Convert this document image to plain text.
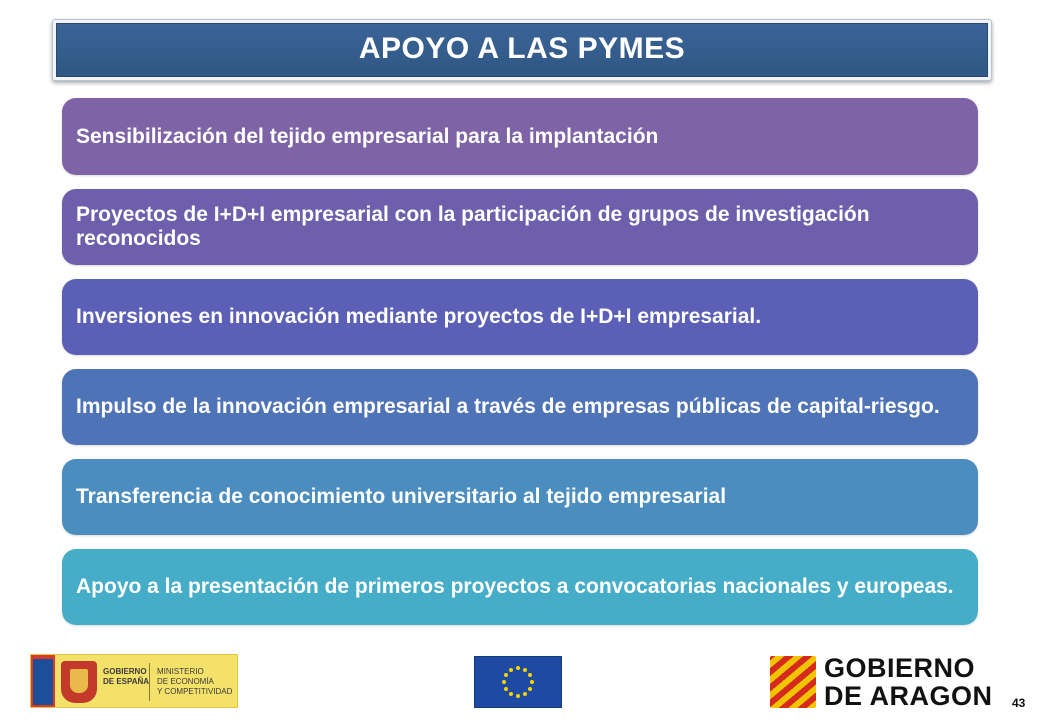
APOYO A LAS PYMES
Sensibilización del tejido empresarial para la implantación
Proyectos de I+D+I empresarial con la participación de grupos de investigación reconocidos
Inversiones en innovación mediante proyectos de I+D+I empresarial.
Impulso de la innovación empresarial a través de empresas públicas de capital-riesgo.
Transferencia de conocimiento universitario al tejido empresarial
Apoyo a la presentación de primeros proyectos a convocatorias nacionales y europeas.
GOBIERNO
DE ESPAÑA
MINISTERIO
DE ECONOMÍA
Y COMPETITIVIDAD
GOBIERNO
DE ARAGON 43
